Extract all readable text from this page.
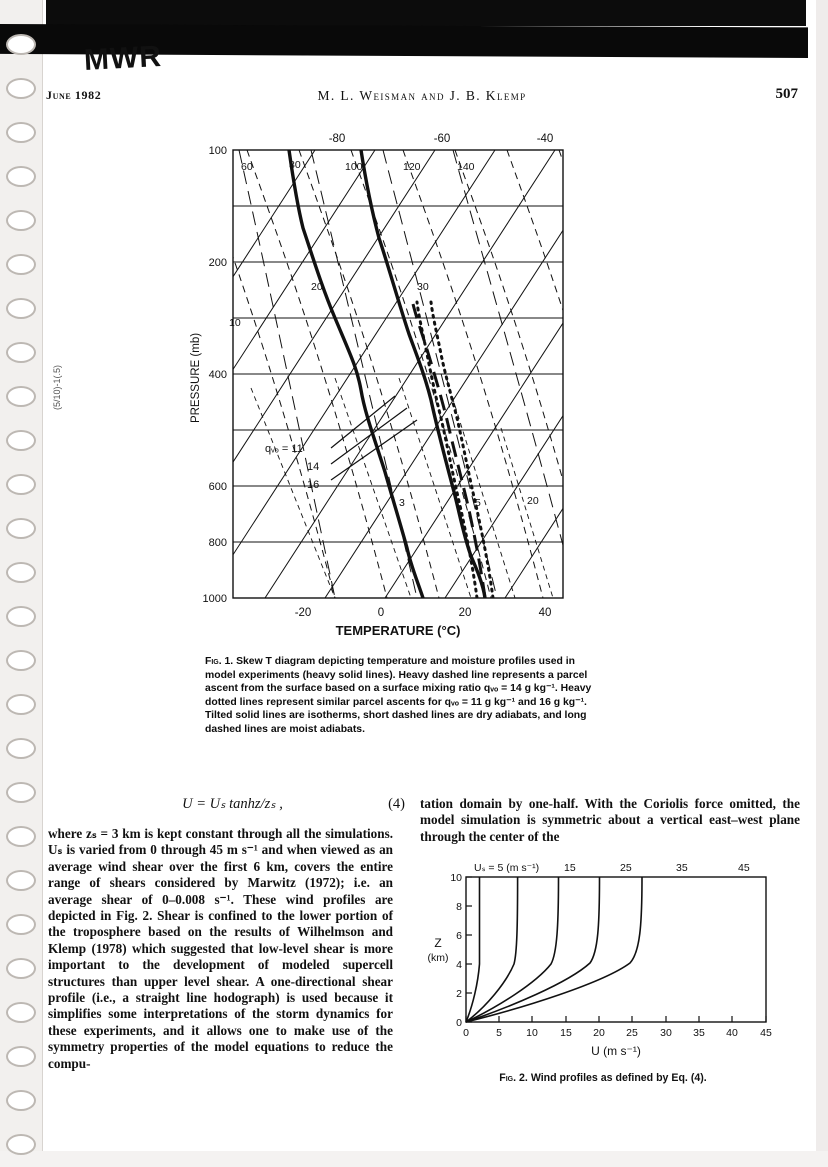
MWR
(5/10)-1(.5)
June 1982	M. L. Weisman and J. B. Klemp	507
100
200
400
600
800
1000
-20	0	20	40
-80	-60	-40
60	80	100	120	140
10
20	30
3	5	20
qᵥₒ = 11
14
16
PRESSURE (mb)
TEMPERATURE (°C)
Fig. 1. Skew T diagram depicting temperature and moisture profiles used in model experiments (heavy solid lines). Heavy dashed line represents a parcel ascent from the surface based on a surface mixing ratio qᵥₒ = 14 g kg⁻¹. Heavy dotted lines represent similar parcel ascents for qᵥₒ = 11 g kg⁻¹ and 16 g kg⁻¹. Tilted solid lines are isotherms, short dashed lines are dry adiabats, and long dashed lines are moist adiabats.
U = Uₛ tanhz/zₛ ,	(4)
where zₛ = 3 km is kept constant through all the simulations. Uₛ is varied from 0 through 45 m s⁻¹ and when viewed as an average wind shear over the first 6 km, covers the entire range of shears considered by Marwitz (1972); i.e. an average shear of 0–0.008 s⁻¹. These wind profiles are depicted in Fig. 2. Shear is confined to the lower portion of the troposphere based on the results of Wilhelmson and Klemp (1978) which suggested that low-level shear is more important to the development of modeled supercell structures than upper level shear. A one-directional shear profile (i.e., a straight line hodograph) is used because it simplifies some interpretations of the storm dynamics for these experiments, and it allows one to make use of the symmetry properties of the model equations to reduce the compu-
tation domain by one-half. With the Coriolis force omitted, the model simulation is symmetric about a vertical east–west plane through the center of the
0
2
4
6
8
10
0	5 10 15 20 25 30 35 40 45
Uₛ = 5 (m s⁻¹) 15	25	35	45
Z
(km)
U (m s⁻¹)
Fig. 2. Wind profiles as defined by Eq. (4).
